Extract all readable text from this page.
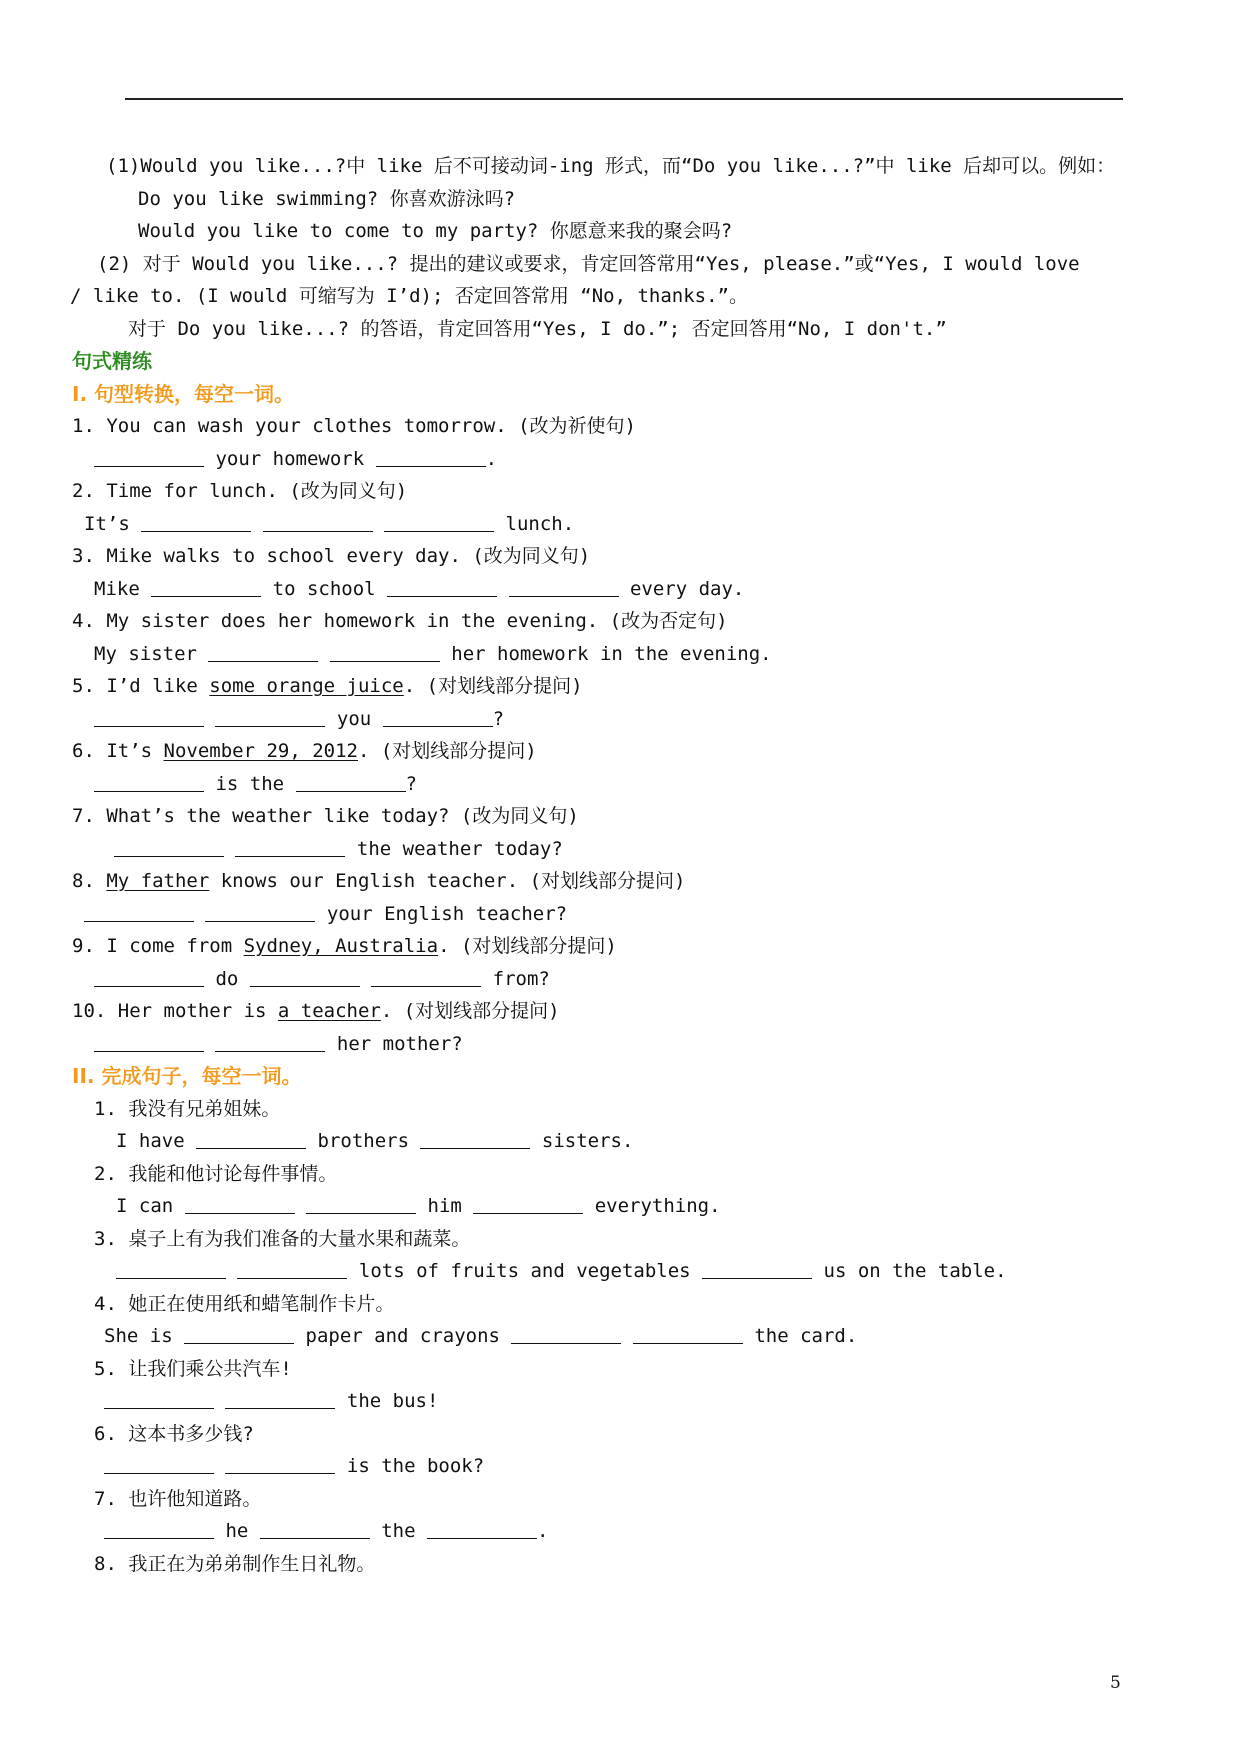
(1)Would you like...?中 like 后不可接动词-ing 形式，而“Do you like...?”中 like 后却可以。例如：
Do you like swimming? 你喜欢游泳吗?
Would you like to come to my party? 你愿意来我的聚会吗?
(2) 对于 Would you like...? 提出的建议或要求，肯定回答常用“Yes, please.”或“Yes, I would love
/ like to. (I would 可缩写为 I’d); 否定回答常用 “No, thanks.”。
对于 Do you like...? 的答语，肯定回答用“Yes, I do.”; 否定回答用“No, I don't.”
句式精练
I. 句型转换，每空一词。
1. You can wash your clothes tomorrow. (改为祈使句)
your homework	.
2. Time for lunch. (改为同义句)
It’s	lunch.
3. Mike walks to school every day. (改为同义句)
Mike	to school	every day.
4. My sister does her homework in the evening. (改为否定句)
My sister	her homework in the evening.
5. I’d like some orange juice. (对划线部分提问)
you	?
6. It’s November 29, 2012. (对划线部分提问)
is the	?
7. What’s the weather like today? (改为同义句)
the weather today?
8. My father knows our English teacher. (对划线部分提问)
your English teacher?
9. I come from Sydney, Australia. (对划线部分提问)
do	from?
10. Her mother is a teacher. (对划线部分提问)
her mother?
II. 完成句子，每空一词。
1. 我没有兄弟姐妹。
I have	brothers	sisters.
2. 我能和他讨论每件事情。
I can	him	everything.
3. 桌子上有为我们准备的大量水果和蔬菜。
lots of fruits and vegetables	us on the table.
4. 她正在使用纸和蜡笔制作卡片。
She is	paper and crayons	the card.
5. 让我们乘公共汽车!
the bus!
6. 这本书多少钱?
is the book?
7. 也许他知道路。
he	the	.
8. 我正在为弟弟制作生日礼物。
5
